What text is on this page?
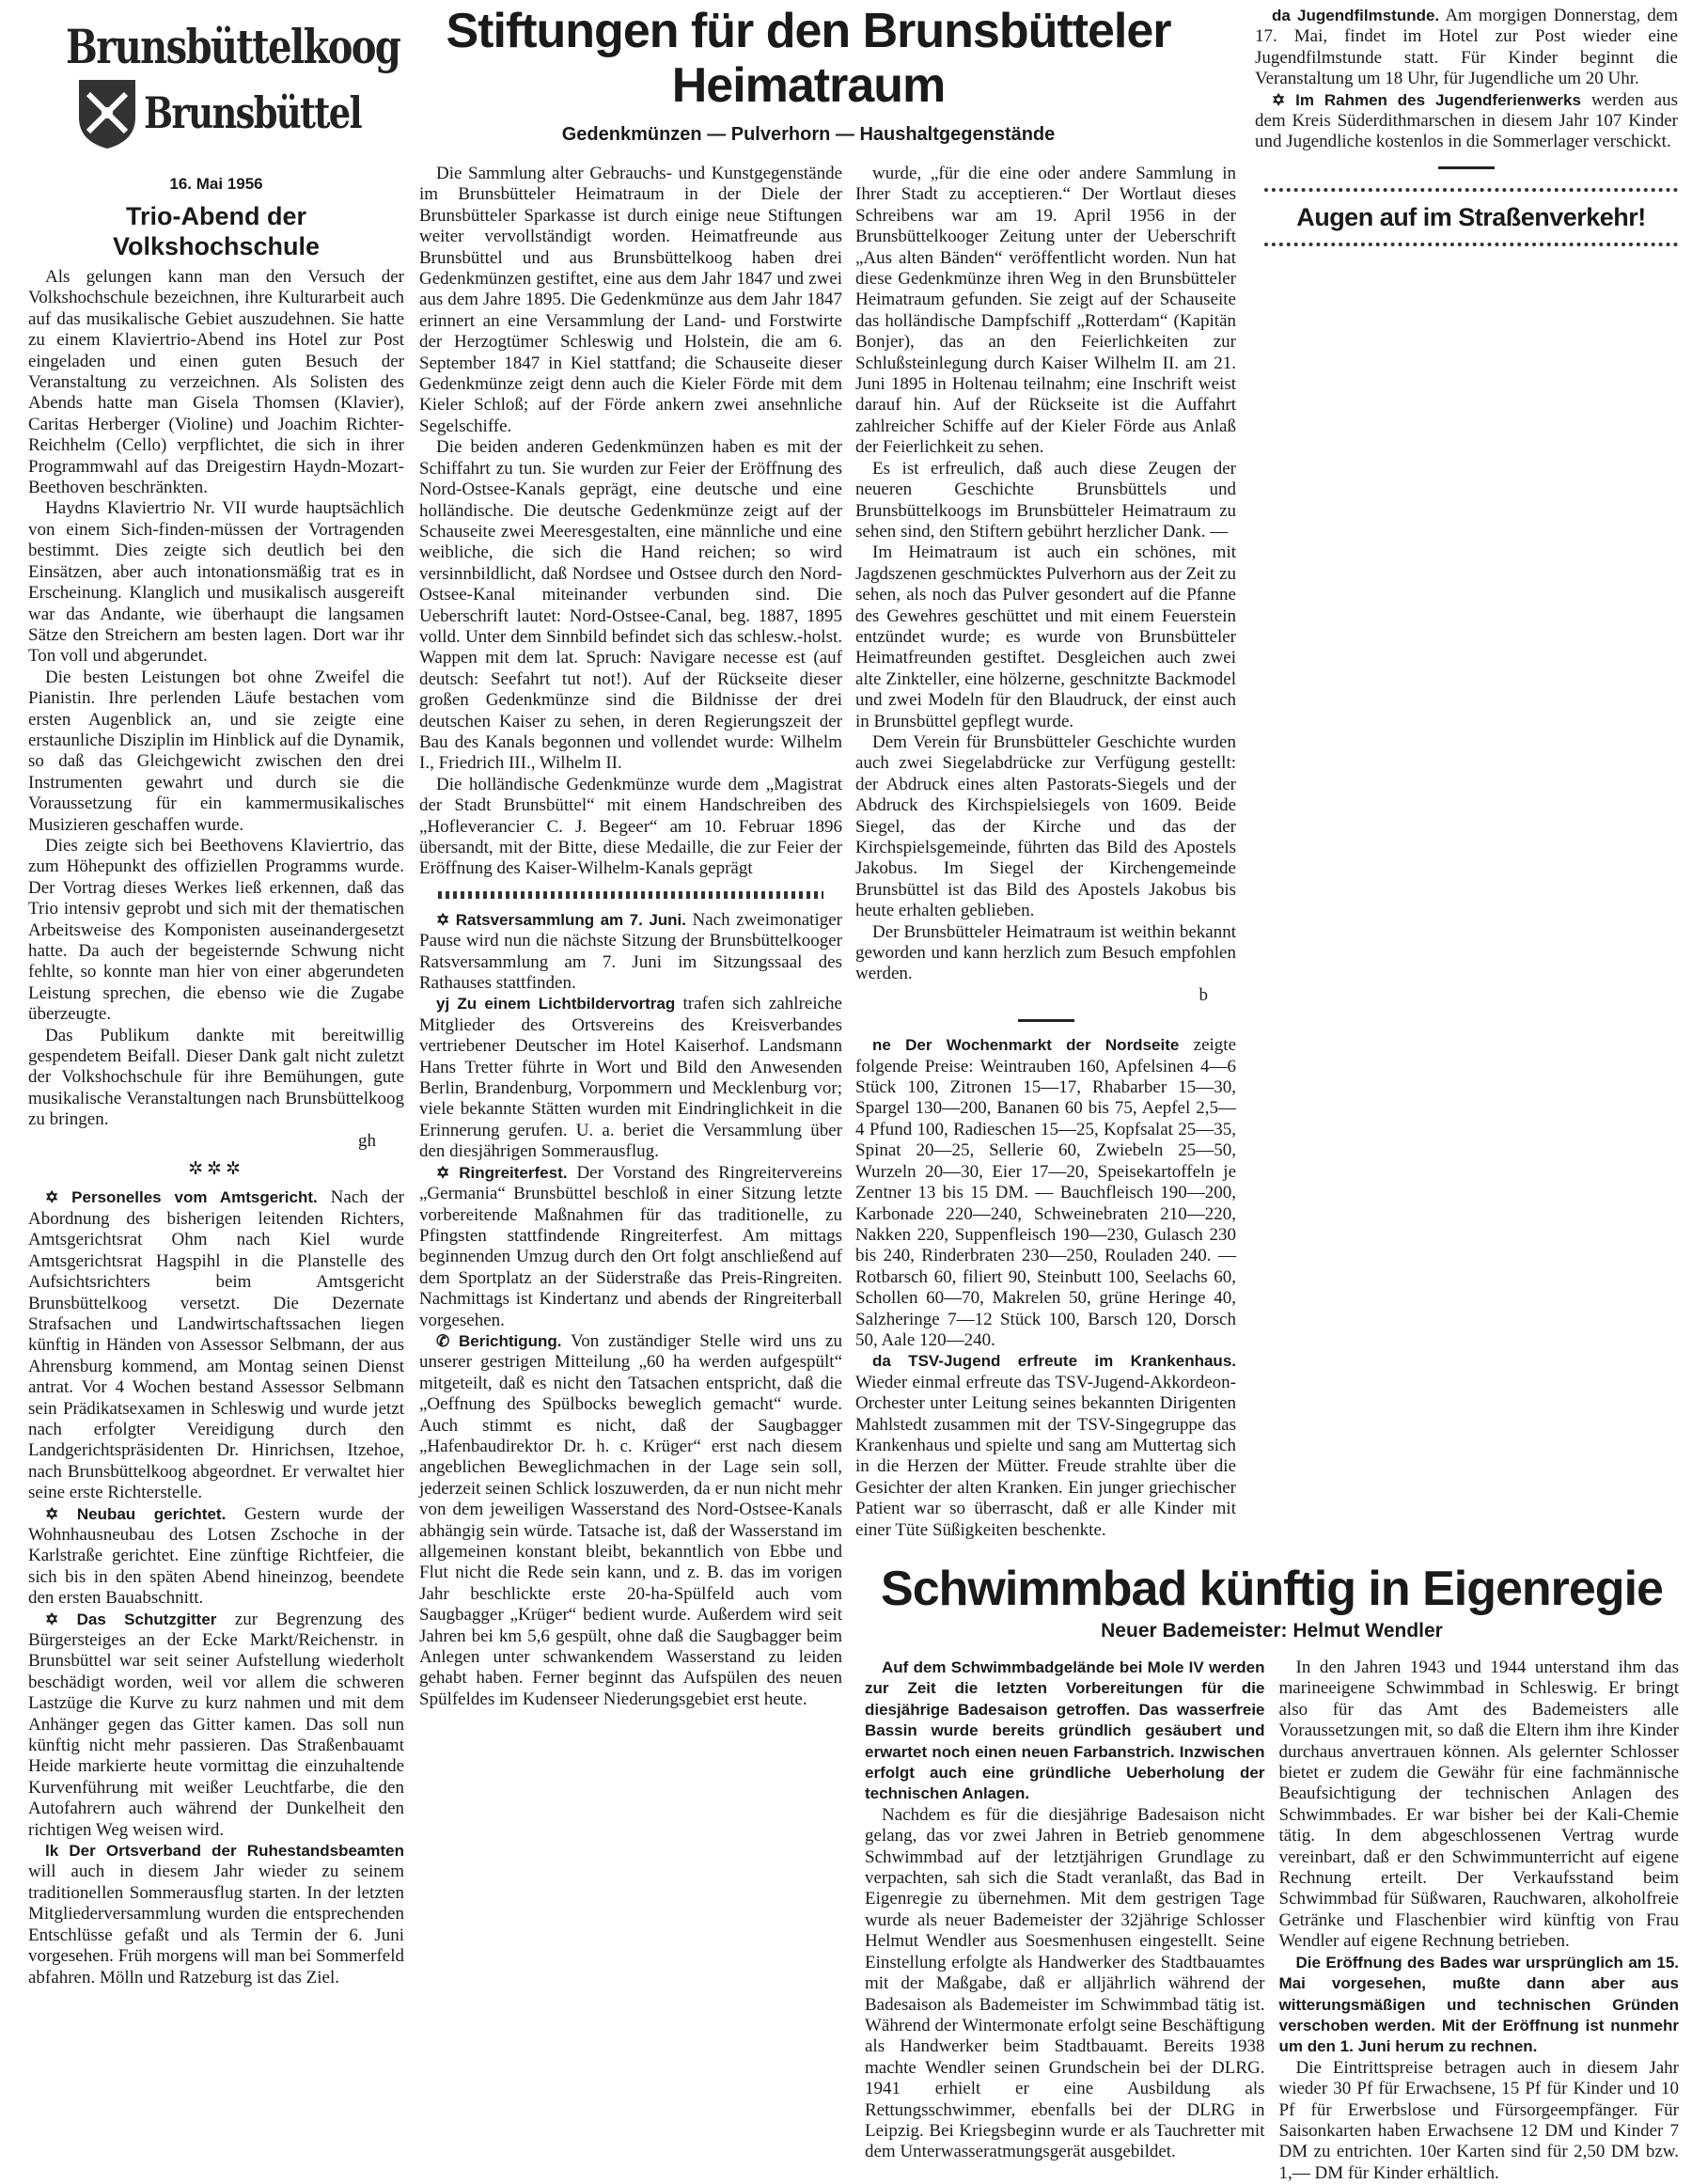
Brunsbüttelkoog
Brunsbüttel
16. Mai 1956
Trio-Abend der Volkshochschule

Als gelungen kann man den Versuch der Volkshochschule bezeichnen, ihre Kulturarbeit auch auf das musikalische Gebiet auszudehnen. Sie hatte zu einem Klaviertrio-Abend ins Hotel zur Post eingeladen und einen guten Besuch der Veranstaltung zu verzeichnen. Als Solisten des Abends hatte man Gisela Thomsen (Klavier), Caritas Herberger (Violine) und Joachim Richter-Reichhelm (Cello) verpflichtet, die sich in ihrer Programmwahl auf das Dreigestirn Haydn-Mozart-Beethoven beschränkten.

Haydns Klaviertrio Nr. VII wurde hauptsächlich von einem Sich-finden-müssen der Vortragenden bestimmt. Dies zeigte sich deutlich bei den Einsätzen, aber auch intonationsmäßig trat es in Erscheinung. Klanglich und musikalisch ausgereift war das Andante, wie überhaupt die langsamen Sätze den Streichern am besten lagen. Dort war ihr Ton voll und abgerundet.

Die besten Leistungen bot ohne Zweifel die Pianistin. Ihre perlenden Läufe bestachen vom ersten Augenblick an, und sie zeigte eine erstaunliche Disziplin im Hinblick auf die Dynamik, so daß das Gleichgewicht zwischen den drei Instrumenten gewahrt und durch sie die Voraussetzung für ein kammermusikalisches Musizieren geschaffen wurde.

Dies zeigte sich bei Beethovens Klaviertrio, das zum Höhepunkt des offiziellen Programms wurde. Der Vortrag dieses Werkes ließ erkennen, daß das Trio intensiv geprobt und sich mit der thematischen Arbeitsweise des Komponisten auseinandergesetzt hatte. Da auch der begeisternde Schwung nicht fehlte, so konnte man hier von einer abgerundeten Leistung sprechen, die ebenso wie die Zugabe überzeugte.

Das Publikum dankte mit bereitwillig gespendetem Beifall. Dieser Dank galt nicht zuletzt der Volkshochschule für ihre Bemühungen, gute musikalische Veranstaltungen nach Brunsbüttelkoog zu bringen.
gh

✲✲✲

✡ Personelles vom Amtsgericht. Nach der Abordnung des bisherigen leitenden Richters, Amtsgerichtsrat Ohm nach Kiel wurde Amtsgerichtsrat Hagspihl in die Planstelle des Aufsichtsrichters beim Amtsgericht Brunsbüttelkoog versetzt. Die Dezernate Strafsachen und Landwirtschaftssachen liegen künftig in Händen von Assessor Selbmann, der aus Ahrensburg kommend, am Montag seinen Dienst antrat. Vor 4 Wochen bestand Assessor Selbmann sein Prädikatsexamen in Schleswig und wurde jetzt nach erfolgter Vereidigung durch den Landgerichtspräsidenten Dr. Hinrichsen, Itzehoe, nach Brunsbüttelkoog abgeordnet. Er verwaltet hier seine erste Richterstelle.

✡ Neubau gerichtet. Gestern wurde der Wohnhausneubau des Lotsen Zschoche in der Karlstraße gerichtet. Eine zünftige Richtfeier, die sich bis in den späten Abend hineinzog, beendete den ersten Bauabschnitt.

✡ Das Schutzgitter zur Begrenzung des Bürgersteiges an der Ecke Markt/Reichenstr. in Brunsbüttel war seit seiner Aufstellung wiederholt beschädigt worden, weil vor allem die schweren Lastzüge die Kurve zu kurz nahmen und mit dem Anhänger gegen das Gitter kamen. Das soll nun künftig nicht mehr passieren. Das Straßenbauamt Heide markierte heute vormittag die einzuhaltende Kurvenführung mit weißer Leuchtfarbe, die den Autofahrern auch während der Dunkelheit den richtigen Weg weisen wird.

lk Der Ortsverband der Ruhestandsbeamten will auch in diesem Jahr wieder zu seinem traditionellen Sommerausflug starten. In der letzten Mitgliederversammlung wurden die entsprechenden Entschlüsse gefaßt und als Termin der 6. Juni vorgesehen. Früh morgens will man bei Sommerfeld abfahren. Mölln und Ratzeburg ist das Ziel.

Stiftungen für den Brunsbütteler Heimatraum
Gedenkmünzen — Pulverhorn — Haushaltgegenstände

Die Sammlung alter Gebrauchs- und Kunstgegenstände im Brunsbütteler Heimatraum in der Diele der Brunsbütteler Sparkasse ist durch einige neue Stiftungen weiter vervollständigt worden. Heimatfreunde aus Brunsbüttel und aus Brunsbüttelkoog haben drei Gedenkmünzen gestiftet, eine aus dem Jahr 1847 und zwei aus dem Jahre 1895. Die Gedenkmünze aus dem Jahr 1847 erinnert an eine Versammlung der Land- und Forstwirte der Herzogtümer Schleswig und Holstein, die am 6. September 1847 in Kiel stattfand; die Schauseite dieser Gedenkmünze zeigt denn auch die Kieler Förde mit dem Kieler Schloß; auf der Förde ankern zwei ansehnliche Segelschiffe.

Die beiden anderen Gedenkmünzen haben es mit der Schiffahrt zu tun. Sie wurden zur Feier der Eröffnung des Nord-Ostsee-Kanals geprägt, eine deutsche und eine holländische. Die deutsche Gedenkmünze zeigt auf der Schauseite zwei Meeresgestalten, eine männliche und eine weibliche, die sich die Hand reichen; so wird versinnbildlicht, daß Nordsee und Ostsee durch den Nord-Ostsee-Kanal miteinander verbunden sind. Die Ueberschrift lautet: Nord-Ostsee-Canal, beg. 1887, 1895 volld. Unter dem Sinnbild befindet sich das schlesw.-holst. Wappen mit dem lat. Spruch: Navigare necesse est (auf deutsch: Seefahrt tut not!). Auf der Rückseite dieser großen Gedenkmünze sind die Bildnisse der drei deutschen Kaiser zu sehen, in deren Regierungszeit der Bau des Kanals begonnen und vollendet wurde: Wilhelm I., Friedrich III., Wilhelm II.

Die holländische Gedenkmünze wurde dem „Magistrat der Stadt Brunsbüttel“ mit einem Handschreiben des „Hofleverancier C. J. Begeer“ am 10. Februar 1896 übersandt, mit der Bitte, diese Medaille, die zur Feier der Eröffnung des Kaiser-Wilhelm-Kanals geprägt

✡ Ratsversammlung am 7. Juni. Nach zweimonatiger Pause wird nun die nächste Sitzung der Brunsbüttelkooger Ratsversammlung am 7. Juni im Sitzungssaal des Rathauses stattfinden.

yj Zu einem Lichtbildervortrag trafen sich zahlreiche Mitglieder des Ortsvereins des Kreisverbandes vertriebener Deutscher im Hotel Kaiserhof. Landsmann Hans Tretter führte in Wort und Bild den Anwesenden Berlin, Brandenburg, Vorpommern und Mecklenburg vor; viele bekannte Stätten wurden mit Eindringlichkeit in die Erinnerung gerufen. U. a. beriet die Versammlung über den diesjährigen Sommerausflug.

✡ Ringreiterfest. Der Vorstand des Ringreitervereins „Germania“ Brunsbüttel beschloß in einer Sitzung letzte vorbereitende Maßnahmen für das traditionelle, zu Pfingsten stattfindende Ringreiterfest. Am mittags beginnenden Umzug durch den Ort folgt anschließend auf dem Sportplatz an der Süderstraße das Preis-Ringreiten. Nachmittags ist Kindertanz und abends der Ringreiterball vorgesehen.

✆ Berichtigung. Von zuständiger Stelle wird uns zu unserer gestrigen Mitteilung „60 ha werden aufgespült“ mitgeteilt, daß es nicht den Tatsachen entspricht, daß die „Oeffnung des Spülbocks beweglich gemacht“ wurde. Auch stimmt es nicht, daß der Saugbagger „Hafenbaudirektor Dr. h. c. Krüger“ erst nach diesem angeblichen Beweglichmachen in der Lage sein soll, jederzeit seinen Schlick loszuwerden, da er nun nicht mehr von dem jeweiligen Wasserstand des Nord-Ostsee-Kanals abhängig sein würde. Tatsache ist, daß der Wasserstand im allgemeinen konstant bleibt, bekanntlich von Ebbe und Flut nicht die Rede sein kann, und z. B. das im vorigen Jahr beschlickte erste 20-ha-Spülfeld auch vom Saugbagger „Krüger“ bedient wurde. Außerdem wird seit Jahren bei km 5,6 gespült, ohne daß die Saugbagger beim Anlegen unter schwankendem Wasserstand zu leiden gehabt haben. Ferner beginnt das Aufspülen des neuen Spülfeldes im Kudenseer Niederungsgebiet erst heute.

wurde, „für die eine oder andere Sammlung in Ihrer Stadt zu acceptieren.“ Der Wortlaut dieses Schreibens war am 19. April 1956 in der Brunsbüttelkooger Zeitung unter der Ueberschrift „Aus alten Bänden“ veröffentlicht worden. Nun hat diese Gedenkmünze ihren Weg in den Brunsbütteler Heimatraum gefunden. Sie zeigt auf der Schauseite das holländische Dampfschiff „Rotterdam“ (Kapitän Bonjer), das an den Feierlichkeiten zur Schlußsteinlegung durch Kaiser Wilhelm II. am 21. Juni 1895 in Holtenau teilnahm; eine Inschrift weist darauf hin. Auf der Rückseite ist die Auffahrt zahlreicher Schiffe auf der Kieler Förde aus Anlaß der Feierlichkeit zu sehen.

Es ist erfreulich, daß auch diese Zeugen der neueren Geschichte Brunsbüttels und Brunsbüttelkoogs im Brunsbütteler Heimatraum zu sehen sind, den Stiftern gebührt herzlicher Dank. —

Im Heimatraum ist auch ein schönes, mit Jagdszenen geschmücktes Pulverhorn aus der Zeit zu sehen, als noch das Pulver gesondert auf die Pfanne des Gewehres geschüttet und mit einem Feuerstein entzündet wurde; es wurde von Brunsbütteler Heimatfreunden gestiftet. Desgleichen auch zwei alte Zinkteller, eine hölzerne, geschnitzte Backmodel und zwei Modeln für den Blaudruck, der einst auch in Brunsbüttel gepflegt wurde.

Dem Verein für Brunsbütteler Geschichte wurden auch zwei Siegelabdrücke zur Verfügung gestellt: der Abdruck eines alten Pastorats-Siegels und der Abdruck des Kirchspielsiegels von 1609. Beide Siegel, das der Kirche und das der Kirchspielsgemeinde, führten das Bild des Apostels Jakobus. Im Siegel der Kirchengemeinde Brunsbüttel ist das Bild des Apostels Jakobus bis heute erhalten geblieben.

Der Brunsbütteler Heimatraum ist weithin bekannt geworden und kann herzlich zum Besuch empfohlen werden.
b

ne Der Wochenmarkt der Nordseite zeigte folgende Preise: Weintrauben 160, Apfelsinen 4—6 Stück 100, Zitronen 15—17, Rhabarber 15—30, Spargel 130—200, Bananen 60 bis 75, Aepfel 2,5—4 Pfund 100, Radieschen 15—25, Kopfsalat 25—35, Spinat 20—25, Sellerie 60, Zwiebeln 25—50, Wurzeln 20—30, Eier 17—20, Speisekartoffeln je Zentner 13 bis 15 DM. — Bauchfleisch 190—200, Karbonade 220—240, Schweinebraten 210—220, Nakken 220, Suppenfleisch 190—230, Gulasch 230 bis 240, Rinderbraten 230—250, Rouladen 240. — Rotbarsch 60, filiert 90, Steinbutt 100, Seelachs 60, Schollen 60—70, Makrelen 50, grüne Heringe 40, Salzheringe 7—12 Stück 100, Barsch 120, Dorsch 50, Aale 120—240.

da TSV-Jugend erfreute im Krankenhaus. Wieder einmal erfreute das TSV-Jugend-Akkordeon-Orchester unter Leitung seines bekannten Dirigenten Mahlstedt zusammen mit der TSV-Singegruppe das Krankenhaus und spielte und sang am Muttertag sich in die Herzen der Mütter. Freude strahlte über die Gesichter der alten Kranken. Ein junger griechischer Patient war so überrascht, daß er alle Kinder mit einer Tüte Süßigkeiten beschenkte.

Schwimmbad künftig in Eigenregie
Neuer Bademeister: Helmut Wendler

Auf dem Schwimmbadgelände bei Mole IV werden zur Zeit die letzten Vorbereitungen für die diesjährige Badesaison getroffen. Das wasserfreie Bassin wurde bereits gründlich gesäubert und erwartet noch einen neuen Farbanstrich. Inzwischen erfolgt auch eine gründliche Ueberholung der technischen Anlagen.

Nachdem es für die diesjährige Badesaison nicht gelang, das vor zwei Jahren in Betrieb genommene Schwimmbad auf der letztjährigen Grundlage zu verpachten, sah sich die Stadt veranlaßt, das Bad in Eigenregie zu übernehmen. Mit dem gestrigen Tage wurde als neuer Bademeister der 32jährige Schlosser Helmut Wendler aus Soesmenhusen eingestellt. Seine Einstellung erfolgte als Handwerker des Stadtbauamtes mit der Maßgabe, daß er alljährlich während der Badesaison als Bademeister im Schwimmbad tätig ist. Während der Wintermonate erfolgt seine Beschäftigung als Handwerker beim Stadtbauamt. Bereits 1938 machte Wendler seinen Grundschein bei der DLRG. 1941 erhielt er eine Ausbildung als Rettungsschwimmer, ebenfalls bei der DLRG in Leipzig. Bei Kriegsbeginn wurde er als Tauchretter mit dem Unterwasseratmungsgerät ausgebildet.

In den Jahren 1943 und 1944 unterstand ihm das marineeigene Schwimmbad in Schleswig. Er bringt also für das Amt des Bademeisters alle Voraussetzungen mit, so daß die Eltern ihm ihre Kinder durchaus anvertrauen können. Als gelernter Schlosser bietet er zudem die Gewähr für eine fachmännische Beaufsichtigung der technischen Anlagen des Schwimmbades. Er war bisher bei der Kali-Chemie tätig. In dem abgeschlossenen Vertrag wurde vereinbart, daß er den Schwimmunterricht auf eigene Rechnung erteilt. Der Verkaufsstand beim Schwimmbad für Süßwaren, Rauchwaren, alkoholfreie Getränke und Flaschenbier wird künftig von Frau Wendler auf eigene Rechnung betrieben.

Die Eröffnung des Bades war ursprünglich am 15. Mai vorgesehen, mußte dann aber aus witterungsmäßigen und technischen Gründen verschoben werden. Mit der Eröffnung ist nunmehr um den 1. Juni herum zu rechnen.

Die Eintrittspreise betragen auch in diesem Jahr wieder 30 Pf für Erwachsene, 15 Pf für Kinder und 10 Pf für Erwerbslose und Fürsorgeempfänger. Für Saisonkarten haben Erwachsene 12 DM und Kinder 7 DM zu entrichten. 10er Karten sind für 2,50 DM bzw. 1,— DM für Kinder erhältlich.

da Jugendfilmstunde. Am morgigen Donnerstag, dem 17. Mai, findet im Hotel zur Post wieder eine Jugendfilmstunde statt. Für Kinder beginnt die Veranstaltung um 18 Uhr, für Jugendliche um 20 Uhr.

✡ Im Rahmen des Jugendferienwerks werden aus dem Kreis Süderdithmarschen in diesem Jahr 107 Kinder und Jugendliche kostenlos in die Sommerlager verschickt.

Augen auf im Straßenverkehr!
